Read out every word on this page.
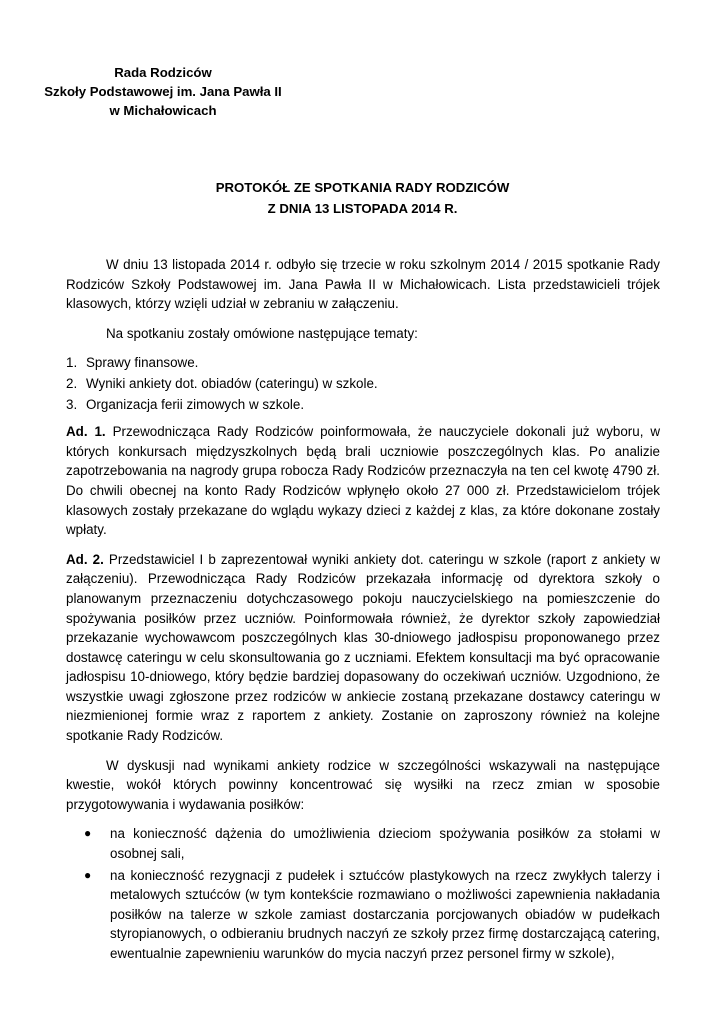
Rada Rodziców
Szkoły Podstawowej im. Jana Pawła II
w Michałowicach
PROTOKÓŁ ZE SPOTKANIA RADY RODZICÓW
Z DNIA 13 LISTOPADA 2014 R.

W dniu 13 listopada 2014 r. odbyło się trzecie w roku szkolnym 2014 / 2015 spotkanie Rady Rodziców Szkoły Podstawowej im. Jana Pawła II w Michałowicach. Lista przedstawicieli trójek klasowych, którzy wzięli udział w zebraniu w załączeniu.

Na spotkaniu zostały omówione następujące tematy:

1. Sprawy finansowe.
2. Wyniki ankiety dot. obiadów (cateringu) w szkole.
3. Organizacja ferii zimowych w szkole.

Ad. 1. Przewodnicząca Rady Rodziców poinformowała, że nauczyciele dokonali już wyboru, w których konkursach międzyszkolnych będą brali uczniowie poszczególnych klas. Po analizie zapotrzebowania na nagrody grupa robocza Rady Rodziców przeznaczyła na ten cel kwotę 4790 zł. Do chwili obecnej na konto Rady Rodziców wpłynęło około 27 000 zł. Przedstawicielom trójek klasowych zostały przekazane do wglądu wykazy dzieci z każdej z klas, za które dokonane zostały wpłaty.

Ad. 2. Przedstawiciel I b zaprezentował wyniki ankiety dot. cateringu w szkole (raport z ankiety w załączeniu). Przewodnicząca Rady Rodziców przekazała informację od dyrektora szkoły o planowanym przeznaczeniu dotychczasowego pokoju nauczycielskiego na pomieszczenie do spożywania posiłków przez uczniów. Poinformowała również, że dyrektor szkoły zapowiedział przekazanie wychowawcom poszczególnych klas 30-dniowego jadłospisu proponowanego przez dostawcę cateringu w celu skonsultowania go z uczniami. Efektem konsultacji ma być opracowanie jadłospisu 10-dniowego, który będzie bardziej dopasowany do oczekiwań uczniów. Uzgodniono, że wszystkie uwagi zgłoszone przez rodziców w ankiecie zostaną przekazane dostawcy cateringu w niezmienionej formie wraz z raportem z ankiety. Zostanie on zaproszony również na kolejne spotkanie Rady Rodziców.

W dyskusji nad wynikami ankiety rodzice w szczególności wskazywali na następujące kwestie, wokół których powinny koncentrować się wysiłki na rzecz zmian w sposobie przygotowywania i wydawania posiłków:

●	na konieczność dążenia do umożliwienia dzieciom spożywania posiłków za stołami w osobnej sali,
●	na konieczność rezygnacji z pudełek i sztućców plastykowych na rzecz zwykłych talerzy i metalowych sztućców (w tym kontekście rozmawiano o możliwości zapewnienia nakładania posiłków na talerze w szkole zamiast dostarczania porcjowanych obiadów w pudełkach styropianowych, o odbieraniu brudnych naczyń ze szkoły przez firmę dostarczającą catering, ewentualnie zapewnieniu warunków do mycia naczyń przez personel firmy w szkole),
